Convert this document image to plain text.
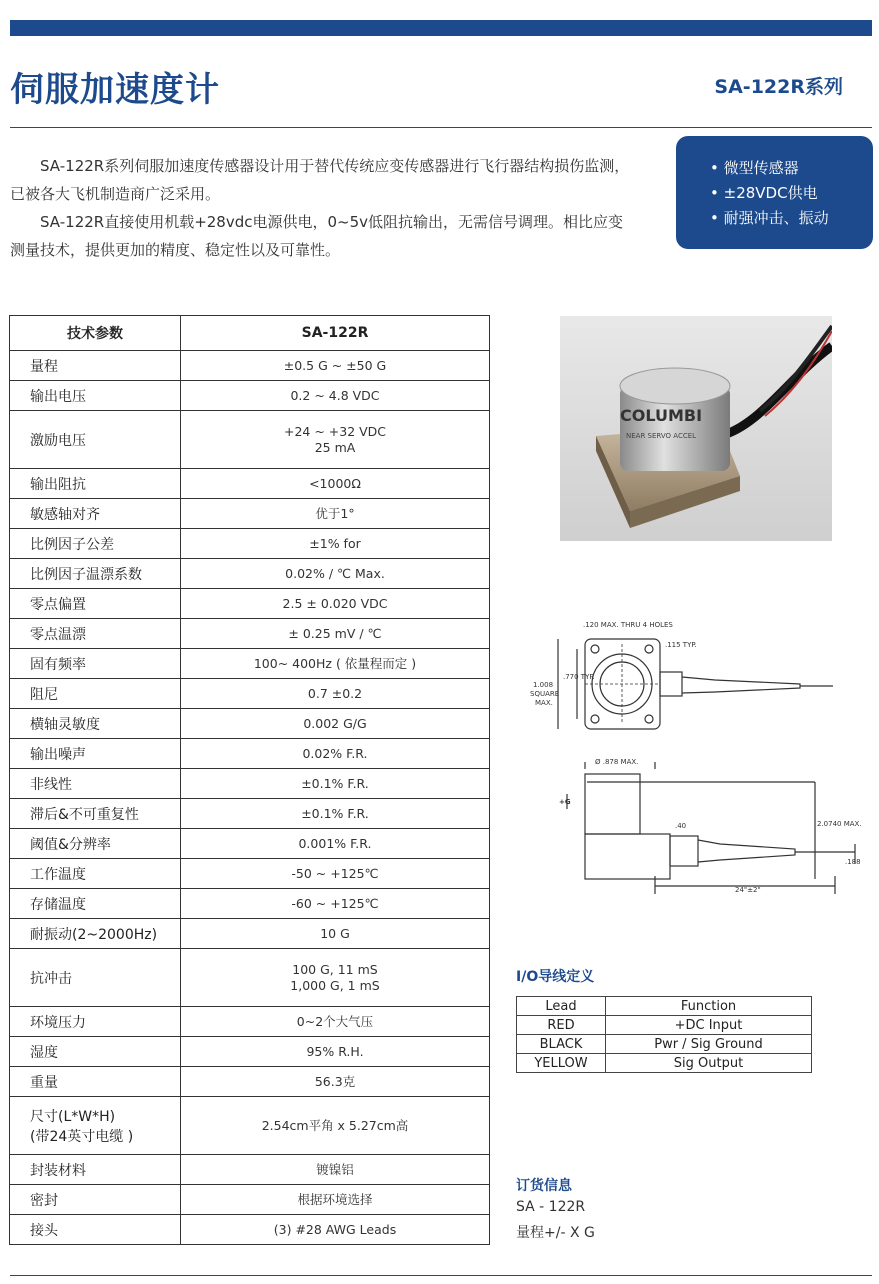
伺服加速度计	SA-122R系列

SA-122R系列伺服加速度传感器设计用于替代传统应变传感器进行飞行器结构损伤监测，已被各大飞机制造商广泛采用。

SA-122R直接使用机载+28vdc电源供电，0~5v低阻抗输出，无需信号调理。相比应变测量技术，提供更加的精度、稳定性以及可靠性。

• 微型传感器
• ±28VDC供电
• 耐强冲击、振动
技术参数	SA-122R
量程	±0.5 G ~ ±50 G
输出电压	0.2 ~ 4.8 VDC
激励电压	+24 ~ +32 VDC
25 mA
输出阻抗	<1000Ω
敏感轴对齐	优于1°
比例因子公差	±1% for
比例因子温漂系数	0.02% / ℃ Max.
零点偏置	2.5 ± 0.020 VDC
零点温漂	± 0.25 mV / ℃
固有频率	100~ 400Hz ( 依量程而定 )
阻尼	0.7 ±0.2
横轴灵敏度	0.002 G/G
输出噪声	0.02% F.R.
非线性	±0.1% F.R.
滞后&不可重复性	±0.1% F.R.
阈值&分辨率	0.001% F.R.
工作温度	-50 ~ +125℃
存储温度	-60 ~ +125℃
耐振动(2~2000Hz)	10 G
抗冲击	100 G, 11 mS
1,000 G, 1 mS
环境压力	0~2个大气压
湿度	95% R.H.
重量	56.3克
尺寸(L*W*H)
(带24英寸电缆 )	2.54cm平角 x 5.27cm高
封装材料	镀镍铝
密封	根据环境选择
接头	(3) #28 AWG Leads
COLUMBI
NEAR SERVO ACCEL
.120 MAX. THRU 4 HOLES
.115 TYP.
.770 TYP.
1.008
SQUARE
MAX.
Ø .878 MAX.
+G
.40	2.0740 MAX.
.188
24"±2"
I/O导线定义
Lead	Function
RED	+DC Input
BLACK	Pwr / Sig Ground
YELLOW	Sig Output
订货信息
SA - 122R
量程+/- X G
